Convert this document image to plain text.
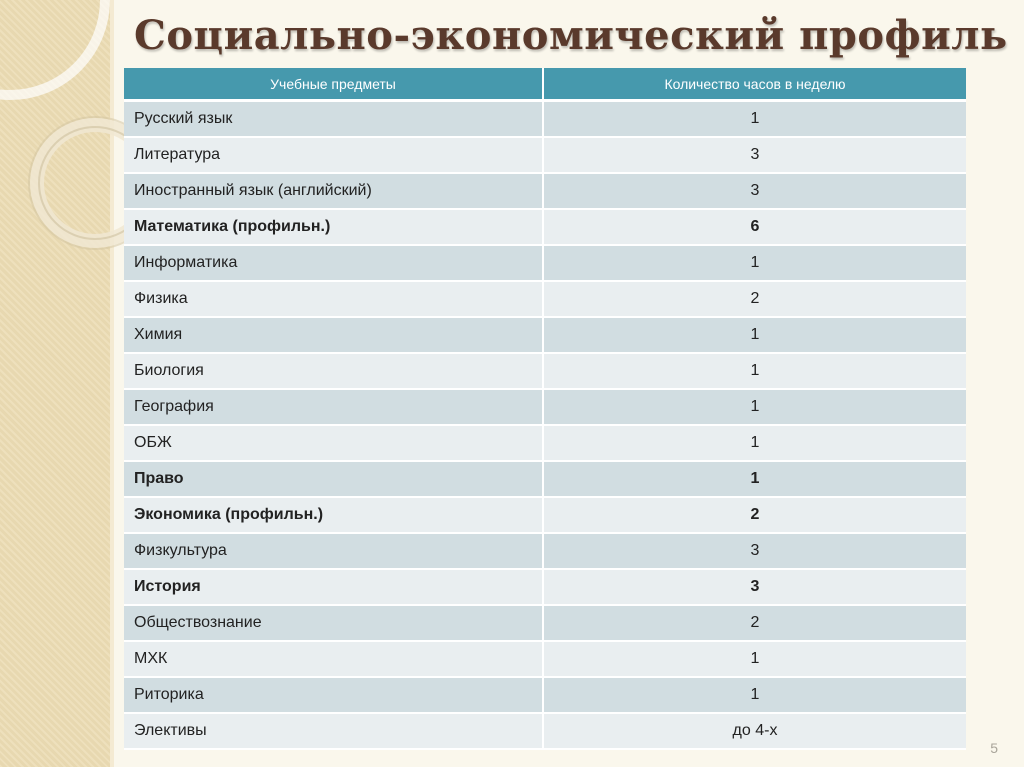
Социально-экономический профиль
Учебные предметы	Количество часов в неделю
Русский язык	1
Литература	3
Иностранный язык (английский)	3
Математика (профильн.)	6
Информатика	1
Физика	2
Химия	1
Биология	1
География	1
ОБЖ	1
Право	1
Экономика (профильн.)	2
Физкультура	3
История	3
Обществознание	2
МХК	1
Риторика	1
Элективы	до 4-х
5
